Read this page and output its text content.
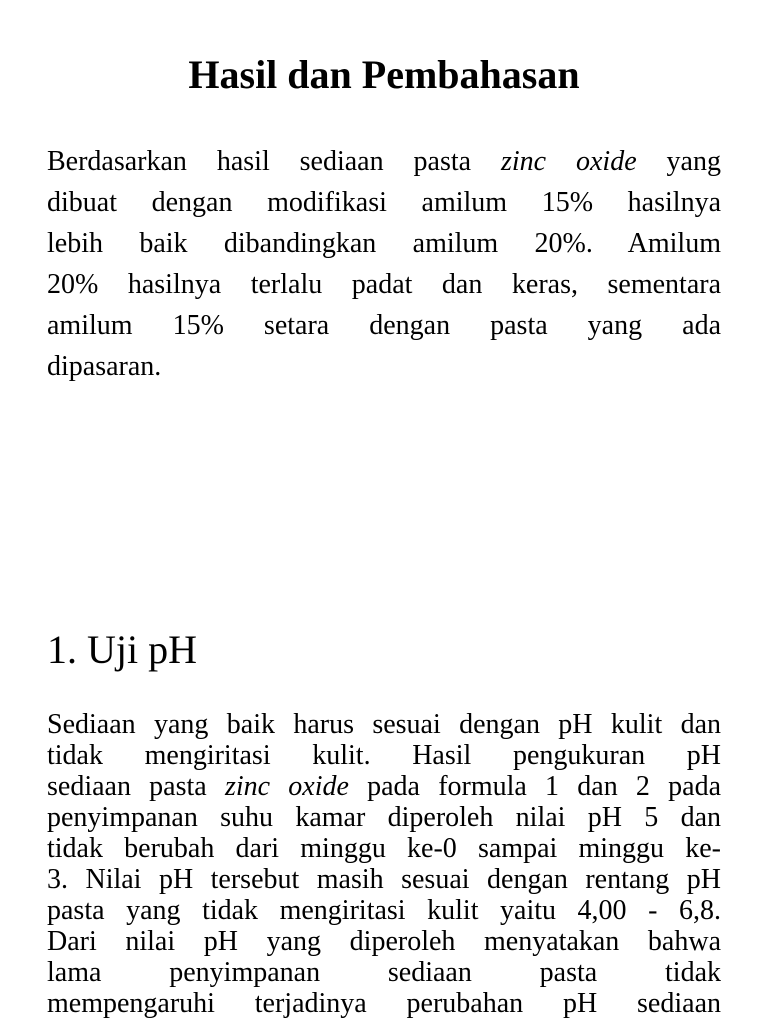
Hasil dan Pembahasan
Berdasarkan hasil sediaan pasta zinc oxide yang
dibuat dengan modifikasi amilum 15% hasilnya
lebih baik dibandingkan amilum 20%. Amilum
20% hasilnya terlalu padat dan keras, sementara
amilum 15% setara dengan pasta yang ada
dipasaran.
1. Uji pH
Sediaan yang baik harus sesuai dengan pH kulit dan
tidak mengiritasi kulit. Hasil pengukuran pH
sediaan pasta zinc oxide pada formula 1 dan 2 pada
penyimpanan suhu kamar diperoleh nilai pH 5 dan
tidak berubah dari minggu ke-0 sampai minggu ke-
3. Nilai pH tersebut masih sesuai dengan rentang pH
pasta yang tidak mengiritasi kulit yaitu 4,00 - 6,8.
Dari nilai pH yang diperoleh menyatakan bahwa
lama penyimpanan sediaan pasta tidak
mempengaruhi terjadinya perubahan pH sediaan
